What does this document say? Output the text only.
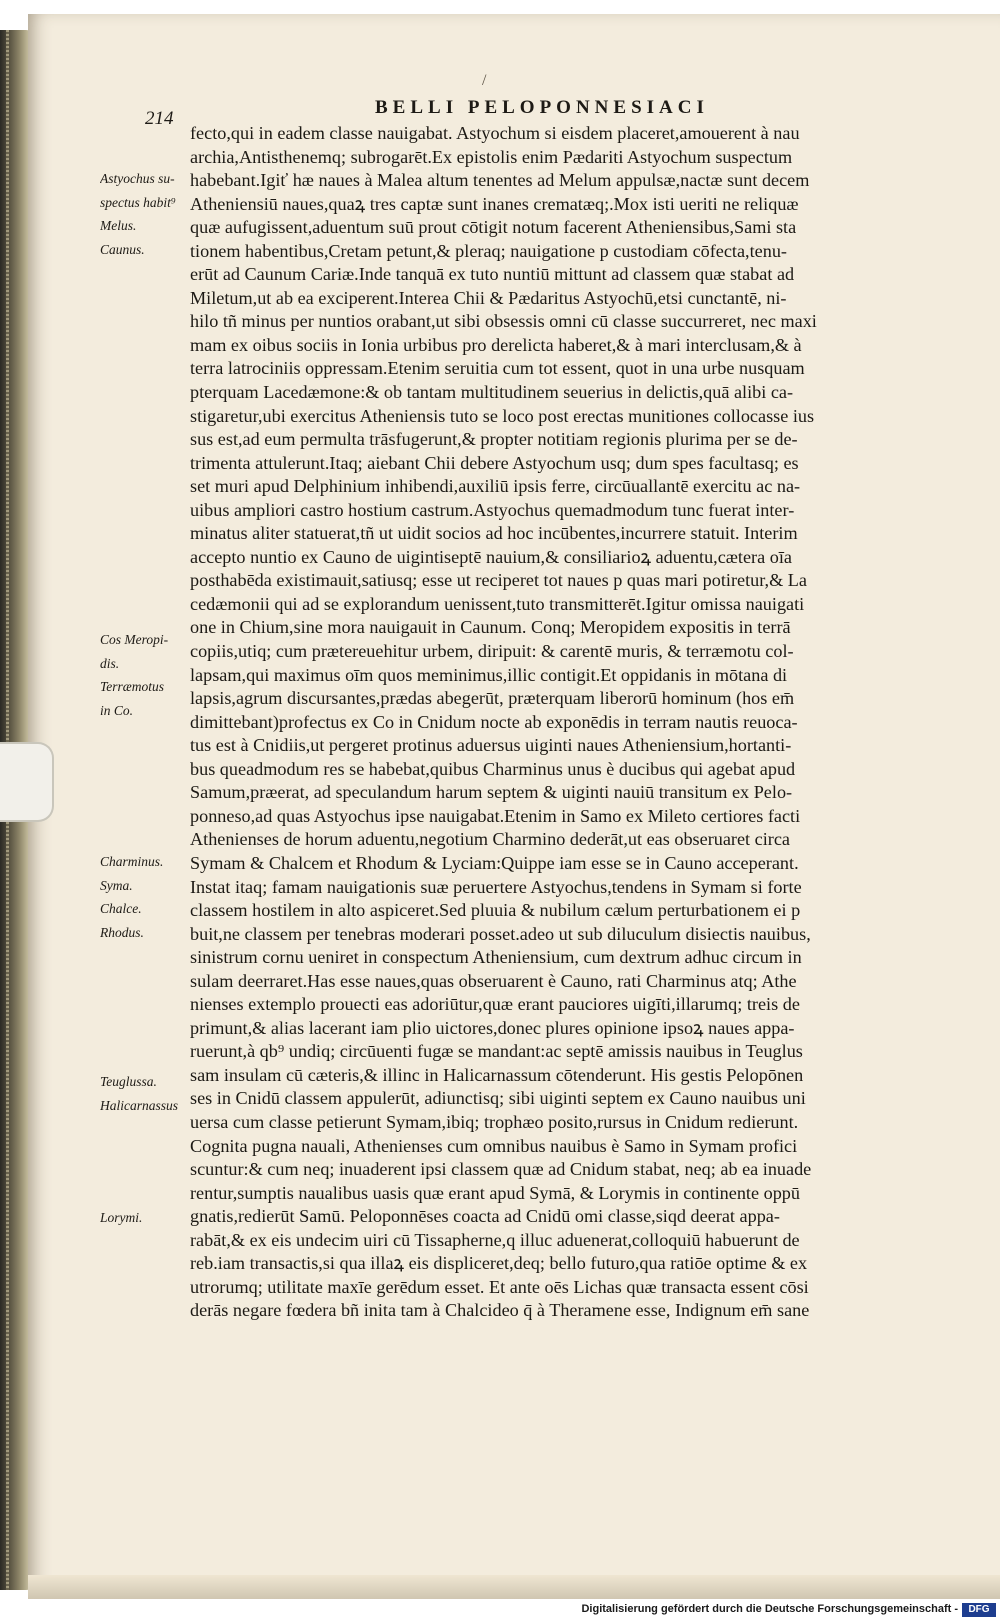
/

214

BELLI PELOPONNESIACI

Astyochus su-
spectus habit⁹
Melus.
Caunus.
Cos Meropi-
dis.
Terræmotus
in Co.
Charminus.
Syma.
Chalce.
Rhodus.
Teuglussa.
Halicarnassus
Lorymi.
fecto,qui in eadem classe nauigabat. Astyochum si eisdem placeret,amouerent à nau
archia,Antisthenemq; subrogarēt.Ex epistolis enim Pædariti Astyochum suspectum
habebant.Igiť hæ naues à Malea altum tenentes ad Melum appulsæ,nactæ sunt decem
Atheniensiū naues,quaꝝ tres captæ sunt inanes crematæq;.Mox isti ueriti ne reliquæ
quæ aufugissent,aduentum suū prout cōtigit notum facerent Atheniensibus,Sami sta
tionem habentibus,Cretam petunt,& pleraq; nauigatione p custodiam cōfecta,tenu-
erūt ad Caunum Cariæ.Inde tanquā ex tuto nuntiū mittunt ad classem quæ stabat ad
Miletum,ut ab ea exciperent.Interea Chii & Pædaritus Astyochū,etsi cunctantē, ni-
hilo tñ minus per nuntios orabant,ut sibi obsessis omni cū classe succurreret, nec maxi
mam ex oibus sociis in Ionia urbibus pro derelicta haberet,& à mari interclusam,& à
terra latrociniis oppressam.Etenim seruitia cum tot essent, quot in una urbe nusquam
pterquam Lacedæmone:& ob tantam multitudinem seuerius in delictis,quā alibi ca-
stigaretur,ubi exercitus Atheniensis tuto se loco post erectas munitiones collocasse ius
sus est,ad eum permulta trāsfugerunt,& propter notitiam regionis plurima per se de-
trimenta attulerunt.Itaq; aiebant Chii debere Astyochum usq; dum spes facultasq; es
set muri apud Delphinium inhibendi,auxiliū ipsis ferre, circūuallantē exercitu ac na-
uibus ampliori castro hostium castrum.Astyochus quemadmodum tunc fuerat inter-
minatus aliter statuerat,tñ ut uidit socios ad hoc incūbentes,incurrere statuit. Interim
accepto nuntio ex Cauno de uigintiseptē nauium,& consiliarioꝝ aduentu,cætera oīa
posthabēda existimauit,satiusq; esse ut reciperet tot naues p quas mari potiretur,& La
cedæmonii qui ad se explorandum uenissent,tuto transmitterēt.Igitur omissa nauigati
one in Chium,sine mora nauigauit in Caunum. Conq; Meropidem expositis in terrā
copiis,utiq; cum prætereuehitur urbem, diripuit: & carentē muris, & terræmotu col-
lapsam,qui maximus oīm quos meminimus,illic contigit.Et oppidanis in mōtana di
lapsis,agrum discursantes,prædas abegerūt, præterquam liberorū hominum (hos em̄
dimittebant)profectus ex Co in Cnidum nocte ab exponēdis in terram nautis reuoca-
tus est à Cnidiis,ut pergeret protinus aduersus uiginti naues Atheniensium,hortanti-
bus queadmodum res se habebat,quibus Charminus unus è ducibus qui agebat apud
Samum,præerat, ad speculandum harum septem & uiginti nauiū transitum ex Pelo-
ponneso,ad quas Astyochus ipse nauigabat.Etenim in Samo ex Mileto certiores facti
Athenienses de horum aduentu,negotium Charmino dederāt,ut eas obseruaret circa
Symam & Chalcem et Rhodum & Lyciam:Quippe iam esse se in Cauno acceperant.
Instat itaq; famam nauigationis suæ peruertere Astyochus,tendens in Symam si forte
classem hostilem in alto aspiceret.Sed pluuia & nubilum cælum perturbationem ei p
buit,ne classem per tenebras moderari posset.adeo ut sub diluculum disiectis nauibus,
sinistrum cornu ueniret in conspectum Atheniensium, cum dextrum adhuc circum in
sulam deerraret.Has esse naues,quas obseruarent è Cauno, rati Charminus atq; Athe
nienses extemplo prouecti eas adoriūtur,quæ erant pauciores uigīti,illarumq; treis de
primunt,& alias lacerant iam plio uictores,donec plures opinione ipsoꝝ naues appa-
ruerunt,à qb⁹ undiq; circūuenti fugæ se mandant:ac septē amissis nauibus in Teuglus
sam insulam cū cæteris,& illinc in Halicarnassum cōtenderunt. His gestis Pelopōnen
ses in Cnidū classem appulerūt, adiunctisq; sibi uiginti septem ex Cauno nauibus uni
uersa cum classe petierunt Symam,ibiq; trophæo posito,rursus in Cnidum redierunt.
Cognita pugna nauali, Athenienses cum omnibus nauibus è Samo in Symam profici
scuntur:& cum neq; inuaderent ipsi classem quæ ad Cnidum stabat, neq; ab ea inuade
rentur,sumptis naualibus uasis quæ erant apud Symā, & Lorymis in continente oppū
gnatis,redierūt Samū. Peloponnēses coacta ad Cnidū omi classe,siqd deerat appa-
rabāt,& ex eis undecim uiri cū Tissapherne,q illuc aduenerat,colloquiū habuerunt de
reb.iam transactis,si qua illaꝝ eis displiceret,deq; bello futuro,qua ratiōe optime & ex
utrorumq; utilitate maxīe gerēdum esset. Et ante oēs Lichas quæ transacta essent cōsi
derās negare fœdera bñ inita tam à Chalcideo q̄ à Theramene esse, Indignum em̄ sane
Digitalisierung gefördert durch die Deutsche Forschungsgemeinschaft -	DFG
